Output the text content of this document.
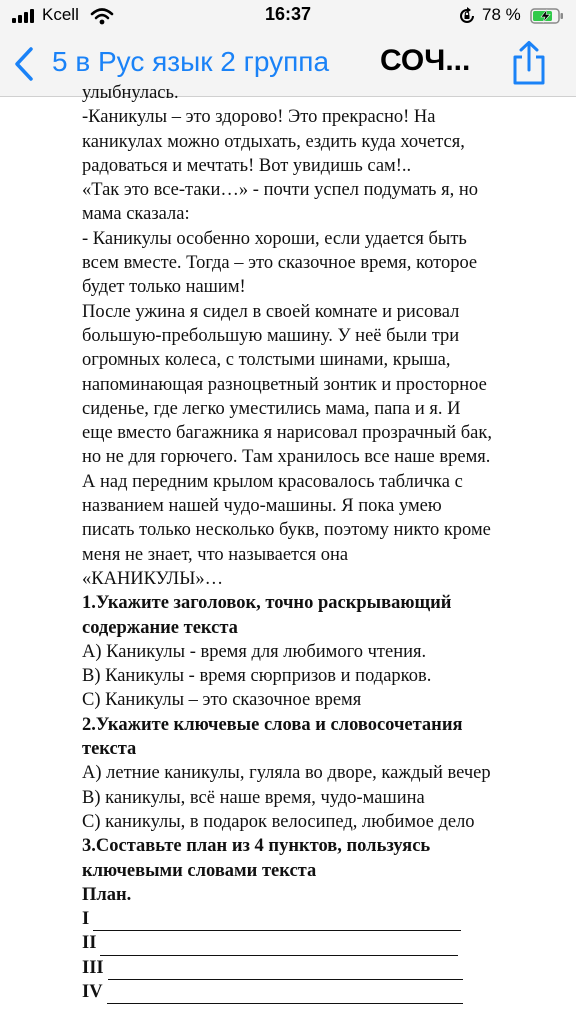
Kcell	16:37	78 %
5 в Рус язык 2 группа СОЧ...
улыбнулась.
-Каникулы – это здорово! Это прекрасно! На
каникулах можно отдыхать, ездить куда хочется,
радоваться и мечтать! Вот увидишь сам!..
«Так это все-таки…» - почти успел подумать я, но
мама сказала:
- Каникулы особенно хороши, если удается быть
всем вместе. Тогда – это сказочное время, которое
будет только нашим!
После ужина я сидел в своей комнате и рисовал
большую-пребольшую машину. У неё были три
огромных колеса, с толстыми шинами, крыша,
напоминающая разноцветный зонтик и просторное
сиденье, где легко уместились мама, папа и я. И
еще вместо багажника я нарисовал прозрачный бак,
но не для горючего. Там хранилось все наше время.
А над передним крылом красовалось табличка с
названием нашей чудо-машины. Я пока умею
писать только несколько букв, поэтому никто кроме
меня не знает, что называется она
«КАНИКУЛЫ»…
1.Укажите заголовок, точно раскрывающий
содержание текста
A) Каникулы - время для любимого чтения.
B) Каникулы - время сюрпризов и подарков.
C) Каникулы – это сказочное время
2.Укажите ключевые слова и словосочетания
текста
A) летние каникулы, гуляла во дворе, каждый вечер
B) каникулы, всё наше время, чудо-машина
C) каникулы, в подарок велосипед, любимое дело
3.Составьте план из 4 пунктов, пользуясь
ключевыми словами текста
План.
I
II
III
IV
